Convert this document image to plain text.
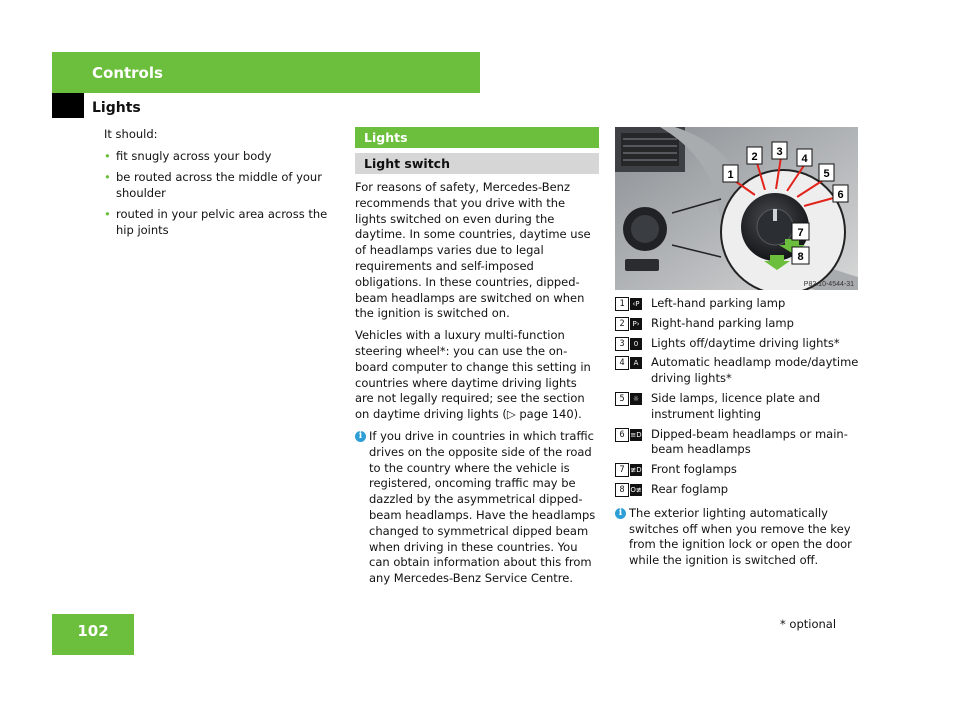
Controls
Lights
It should:
• fit snugly across your body
• be routed across the middle of your shoulder
• routed in your pelvic area across the hip joints
Lights
Light switch
For reasons of safety, Mercedes-Benz recommends that you drive with the lights switched on even during the daytime. In some countries, daytime use of headlamps varies due to legal requirements and self-imposed obligations. In these countries, dipped-beam headlamps are switched on when the ignition is switched on.
Vehicles with a luxury multi-function steering wheel*: you can use the on-board computer to change this setting in countries where daytime driving lights are not legally required; see the section on daytime driving lights (▷ page 140).
i If you drive in countries in which traffic drives on the opposite side of the road to the country where the vehicle is registered, oncoming traffic may be dazzled by the asymmetrical dipped-beam headlamps. Have the headlamps changed to symmetrical dipped beam when driving in these countries. You can obtain information about this from any Mercedes-Benz Service Centre.
1
2 3
4
5
6
7
8
P82.10-4544-31
1	‹P Left-hand parking lamp
2	P› Right-hand parking lamp
3	0	Lights off/daytime driving lights*
4	A	Automatic headlamp mode/daytime driving lights*
5	☼ Side lamps, licence plate and instrument lighting
6 ≡D Dipped-beam headlamps or main-beam headlamps
7 ≢D Front foglamps
8 O≢ Rear foglamp
i The exterior lighting automatically switches off when you remove the key from the ignition lock or open the door while the ignition is switched off.
102	* optional
